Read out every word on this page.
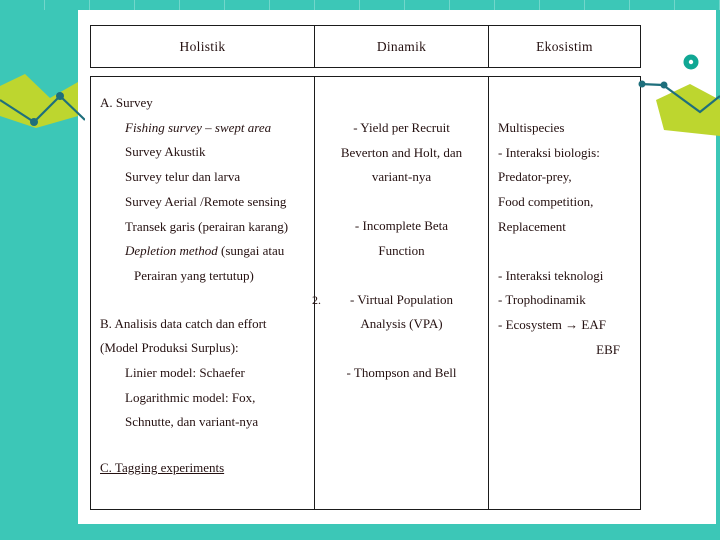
Holistik	Dinamik	Ekosistim
A. Survey
Fishing survey – swept area
Survey Akustik
Survey telur dan larva
Survey Aerial /Remote sensing
Transek garis (perairan karang)
Depletion method (sungai atau
Perairan yang tertutup)
B. Analisis data catch dan effort
(Model Produksi Surplus):
Linier model: Schaefer
Logarithmic model: Fox,
Schnutte, dan variant-nya
C. Tagging experiments
2.
- Yield per Recruit
Beverton and Holt, dan
variant-nya
- Incomplete Beta
Function
- Virtual Population
Analysis (VPA)
- Thompson and Bell
Multispecies
- Interaksi biologis:
Predator-prey,
Food competition,
Replacement
- Interaksi teknologi
- Trophodinamik
- Ecosystem → EAF
EBF
